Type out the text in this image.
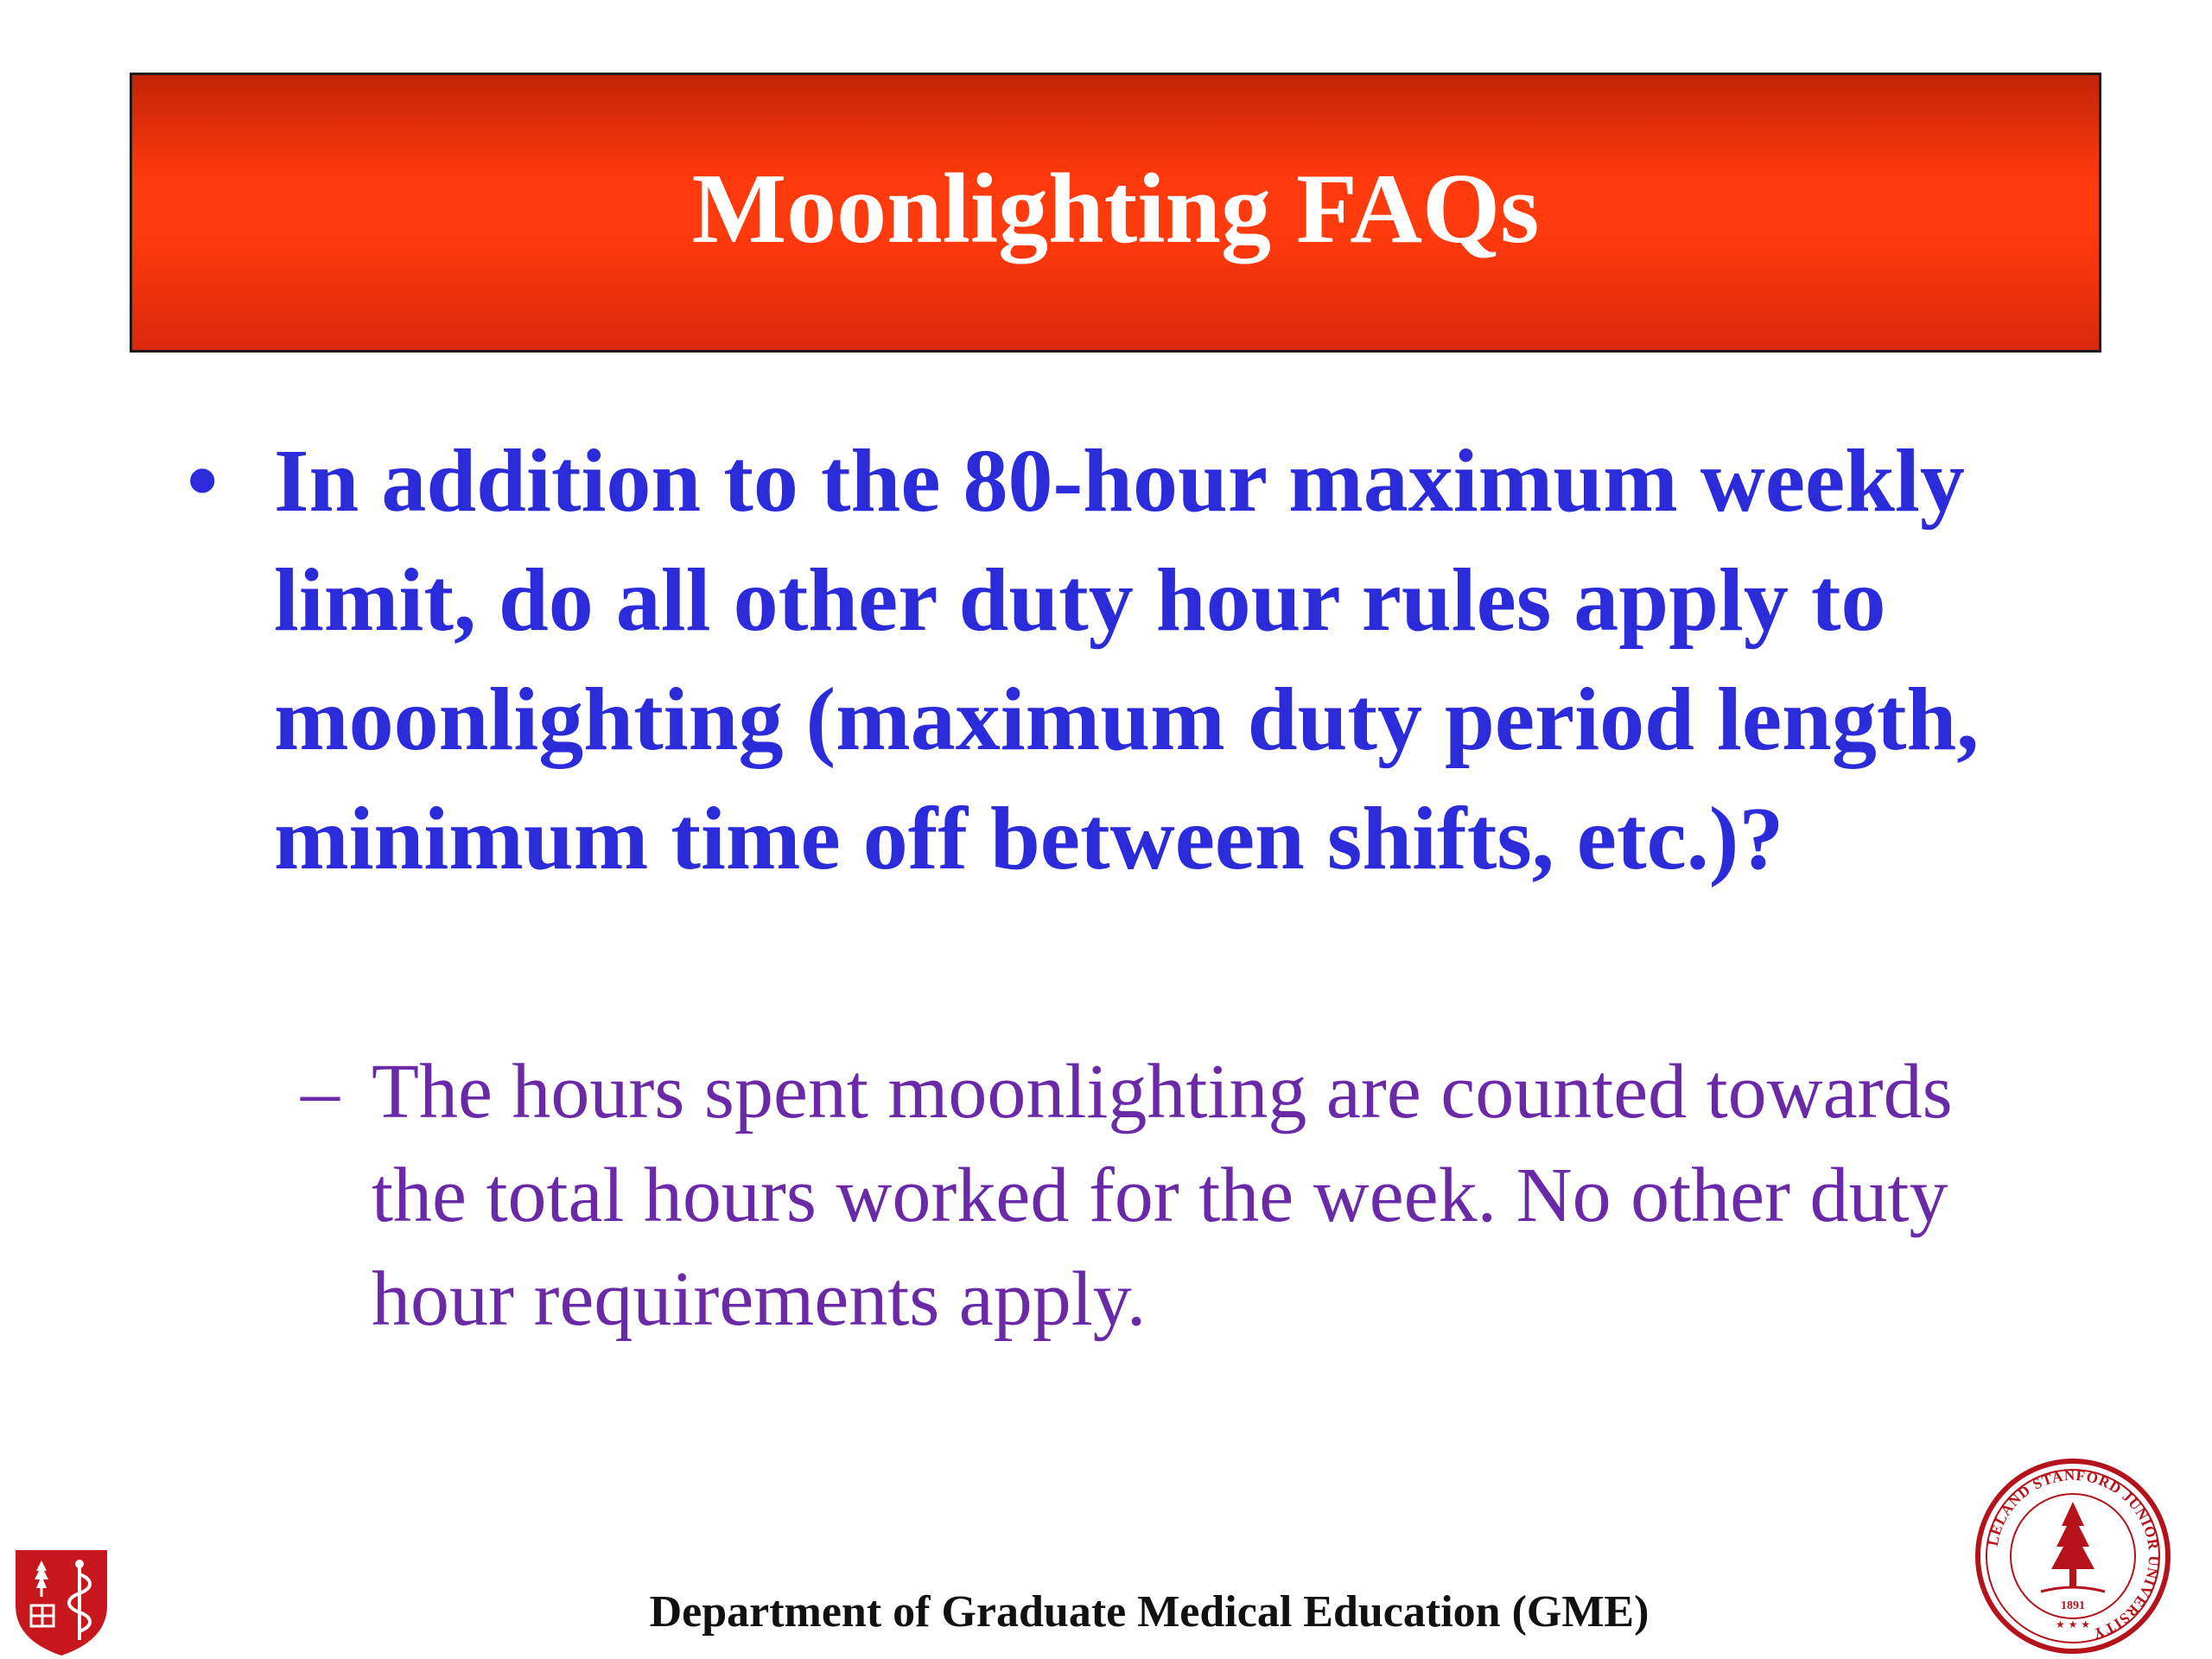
Moonlighting FAQs
• In addition to the 80-hour maximum weekly limit, do all other duty hour rules apply to moonlighting (maximum duty period length, minimum time off between shifts, etc.)?
– The hours spent moonlighting are counted towards the total hours worked for the week. No other duty hour requirements apply.
LELAND STANFORD JUNIOR UNIVERSITY
1891
★ ★ ★
Department of Graduate Medical Education (GME)
